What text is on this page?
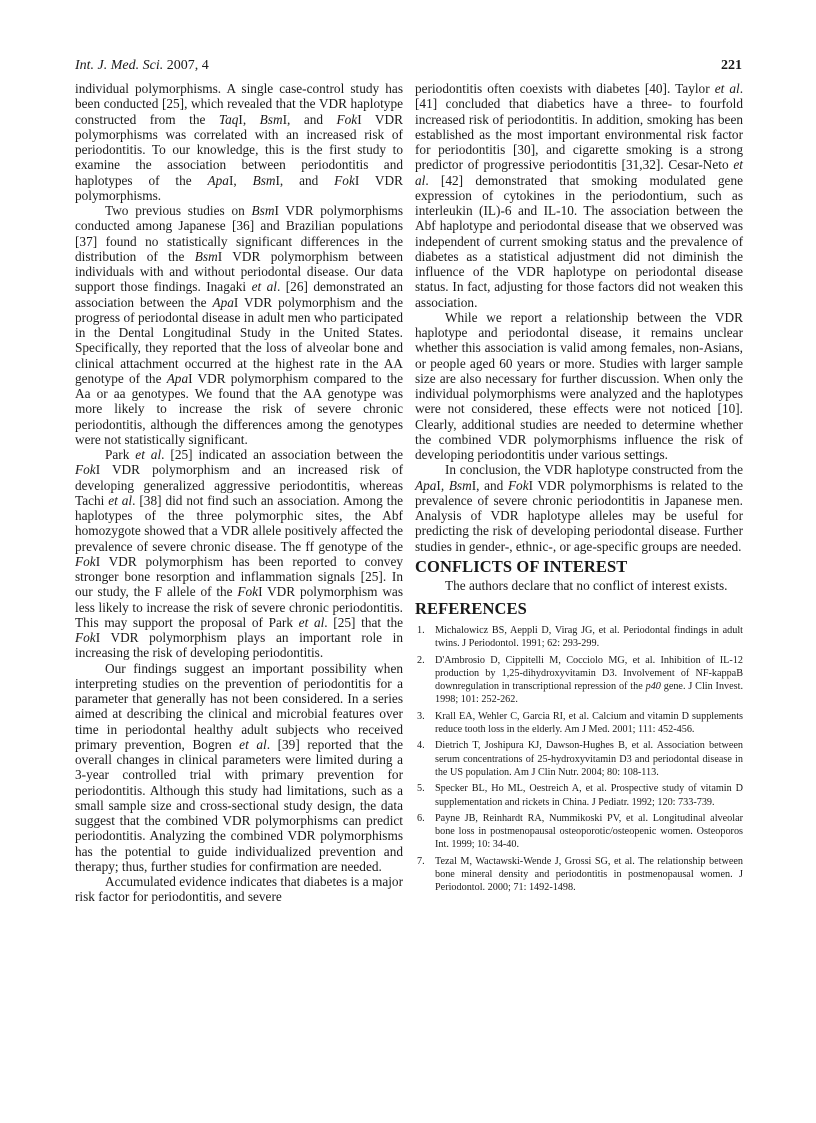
Int. J. Med. Sci. 2007, 4	221

individual polymorphisms. A single case-control study has been conducted [25], which revealed that the VDR haplotype constructed from the TaqI, BsmI, and FokI VDR polymorphisms was correlated with an increased risk of periodontitis. To our knowledge, this is the first study to examine the association between periodontitis and haplotypes of the ApaI, BsmI, and FokI VDR polymorphisms.

Two previous studies on BsmI VDR polymorphisms conducted among Japanese [36] and Brazilian populations [37] found no statistically significant differences in the distribution of the BsmI VDR polymorphism between individuals with and without periodontal disease. Our data support those findings. Inagaki et al. [26] demonstrated an association between the ApaI VDR polymorphism and the progress of periodontal disease in adult men who participated in the Dental Longitudinal Study in the United States. Specifically, they reported that the loss of alveolar bone and clinical attachment occurred at the highest rate in the AA genotype of the ApaI VDR polymorphism compared to the Aa or aa genotypes. We found that the AA genotype was more likely to increase the risk of severe chronic periodontitis, although the differences among the genotypes were not statistically significant.

Park et al. [25] indicated an association between the FokI VDR polymorphism and an increased risk of developing generalized aggressive periodontitis, whereas Tachi et al. [38] did not find such an association. Among the haplotypes of the three polymorphic sites, the Abf homozygote showed that a VDR allele positively affected the prevalence of severe chronic disease. The ff genotype of the FokI VDR polymorphism has been reported to convey stronger bone resorption and inflammation signals [25]. In our study, the F allele of the FokI VDR polymorphism was less likely to increase the risk of severe chronic periodontitis. This may support the proposal of Park et al. [25] that the FokI VDR polymorphism plays an important role in increasing the risk of developing periodontitis.

Our findings suggest an important possibility when interpreting studies on the prevention of periodontitis for a parameter that generally has not been considered. In a series aimed at describing the clinical and microbial features over time in periodontal healthy adult subjects who received primary prevention, Bogren et al. [39] reported that the overall changes in clinical parameters were limited during a 3-year controlled trial with primary prevention for periodontitis. Although this study had limitations, such as a small sample size and cross-sectional study design, the data suggest that the combined VDR polymorphisms can predict periodontitis. Analyzing the combined VDR polymorphisms has the potential to guide individualized prevention and therapy; thus, further studies for confirmation are needed.

Accumulated evidence indicates that diabetes is a major risk factor for periodontitis, and severe

periodontitis often coexists with diabetes [40]. Taylor et al. [41] concluded that diabetics have a three- to fourfold increased risk of periodontitis. In addition, smoking has been established as the most important environmental risk factor for periodontitis [30], and cigarette smoking is a strong predictor of progressive periodontitis [31,32]. Cesar-Neto et al. [42] demonstrated that smoking modulated gene expression of cytokines in the periodontium, such as interleukin (IL)-6 and IL-10. The association between the Abf haplotype and periodontal disease that we observed was independent of current smoking status and the prevalence of diabetes as a statistical adjustment did not diminish the influence of the VDR haplotype on periodontal disease status. In fact, adjusting for those factors did not weaken this association.

While we report a relationship between the VDR haplotype and periodontal disease, it remains unclear whether this association is valid among females, non-Asians, or people aged 60 years or more. Studies with larger sample size are also necessary for further discussion. When only the individual polymorphisms were analyzed and the haplotypes were not considered, these effects were not noticed [10]. Clearly, additional studies are needed to determine whether the combined VDR polymorphisms influence the risk of developing periodontitis under various settings.

In conclusion, the VDR haplotype constructed from the ApaI, BsmI, and FokI VDR polymorphisms is related to the prevalence of severe chronic periodontitis in Japanese men. Analysis of VDR haplotype alleles may be useful for predicting the risk of developing periodontal disease. Further studies in gender-, ethnic-, or age-specific groups are needed.

CONFLICTS OF INTEREST

The authors declare that no conflict of interest exists.

REFERENCES
1. Michalowicz BS, Aeppli D, Virag JG, et al. Periodontal findings in adult twins. J Periodontol. 1991; 62: 293-299.
2. D'Ambrosio D, Cippitelli M, Cocciolo MG, et al. Inhibition of IL-12 production by 1,25-dihydroxyvitamin D3. Involvement of NF-kappaB downregulation in transcriptional repression of the p40 gene. J Clin Invest. 1998; 101: 252-262.
3. Krall EA, Wehler C, Garcia RI, et al. Calcium and vitamin D supplements reduce tooth loss in the elderly. Am J Med. 2001; 111: 452-456.
4. Dietrich T, Joshipura KJ, Dawson-Hughes B, et al. Association between serum concentrations of 25-hydroxyvitamin D3 and periodontal disease in the US population. Am J Clin Nutr. 2004; 80: 108-113.
5. Specker BL, Ho ML, Oestreich A, et al. Prospective study of vitamin D supplementation and rickets in China. J Pediatr. 1992; 120: 733-739.
6. Payne JB, Reinhardt RA, Nummikoski PV, et al. Longitudinal alveolar bone loss in postmenopausal osteoporotic/osteopenic women. Osteoporos Int. 1999; 10: 34-40.
7. Tezal M, Wactawski-Wende J, Grossi SG, et al. The relationship between bone mineral density and periodontitis in postmenopausal women. J Periodontol. 2000; 71: 1492-1498.
